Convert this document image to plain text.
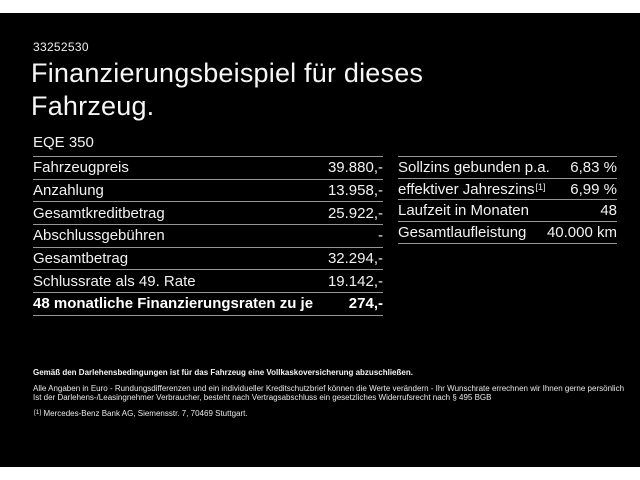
33252530
Finanzierungsbeispiel für dieses
Fahrzeug.
EQE 350
Fahrzeugpreis	39.880,-
Anzahlung	13.958,-
Gesamtkreditbetrag	25.922,-
Abschlussgebühren	-
Gesamtbetrag	32.294,-
Schlussrate als 49. Rate	19.142,-
48 monatliche Finanzierungsraten zu je 274,-
Sollzins gebunden p.a. 6,83 %
effektiver Jahreszins[1] 6,99 %
Laufzeit in Monaten	48
Gesamtlaufleistung 40.000 km
Gemäß den Darlehensbedingungen ist für das Fahrzeug eine Vollkaskoversicherung abzuschließen.
Alle Angaben in Euro - Rundungsdifferenzen und ein individueller Kreditschutzbrief können die Werte verändern - Ihr Wunschrate errechnen wir Ihnen gerne persönlich
Ist der Darlehens-/Leasingnehmer Verbraucher, besteht nach Vertragsabschluss ein gesetzliches Widerrufsrecht nach § 495 BGB
[1] Mercedes-Benz Bank AG, Siemensstr. 7, 70469 Stuttgart.
